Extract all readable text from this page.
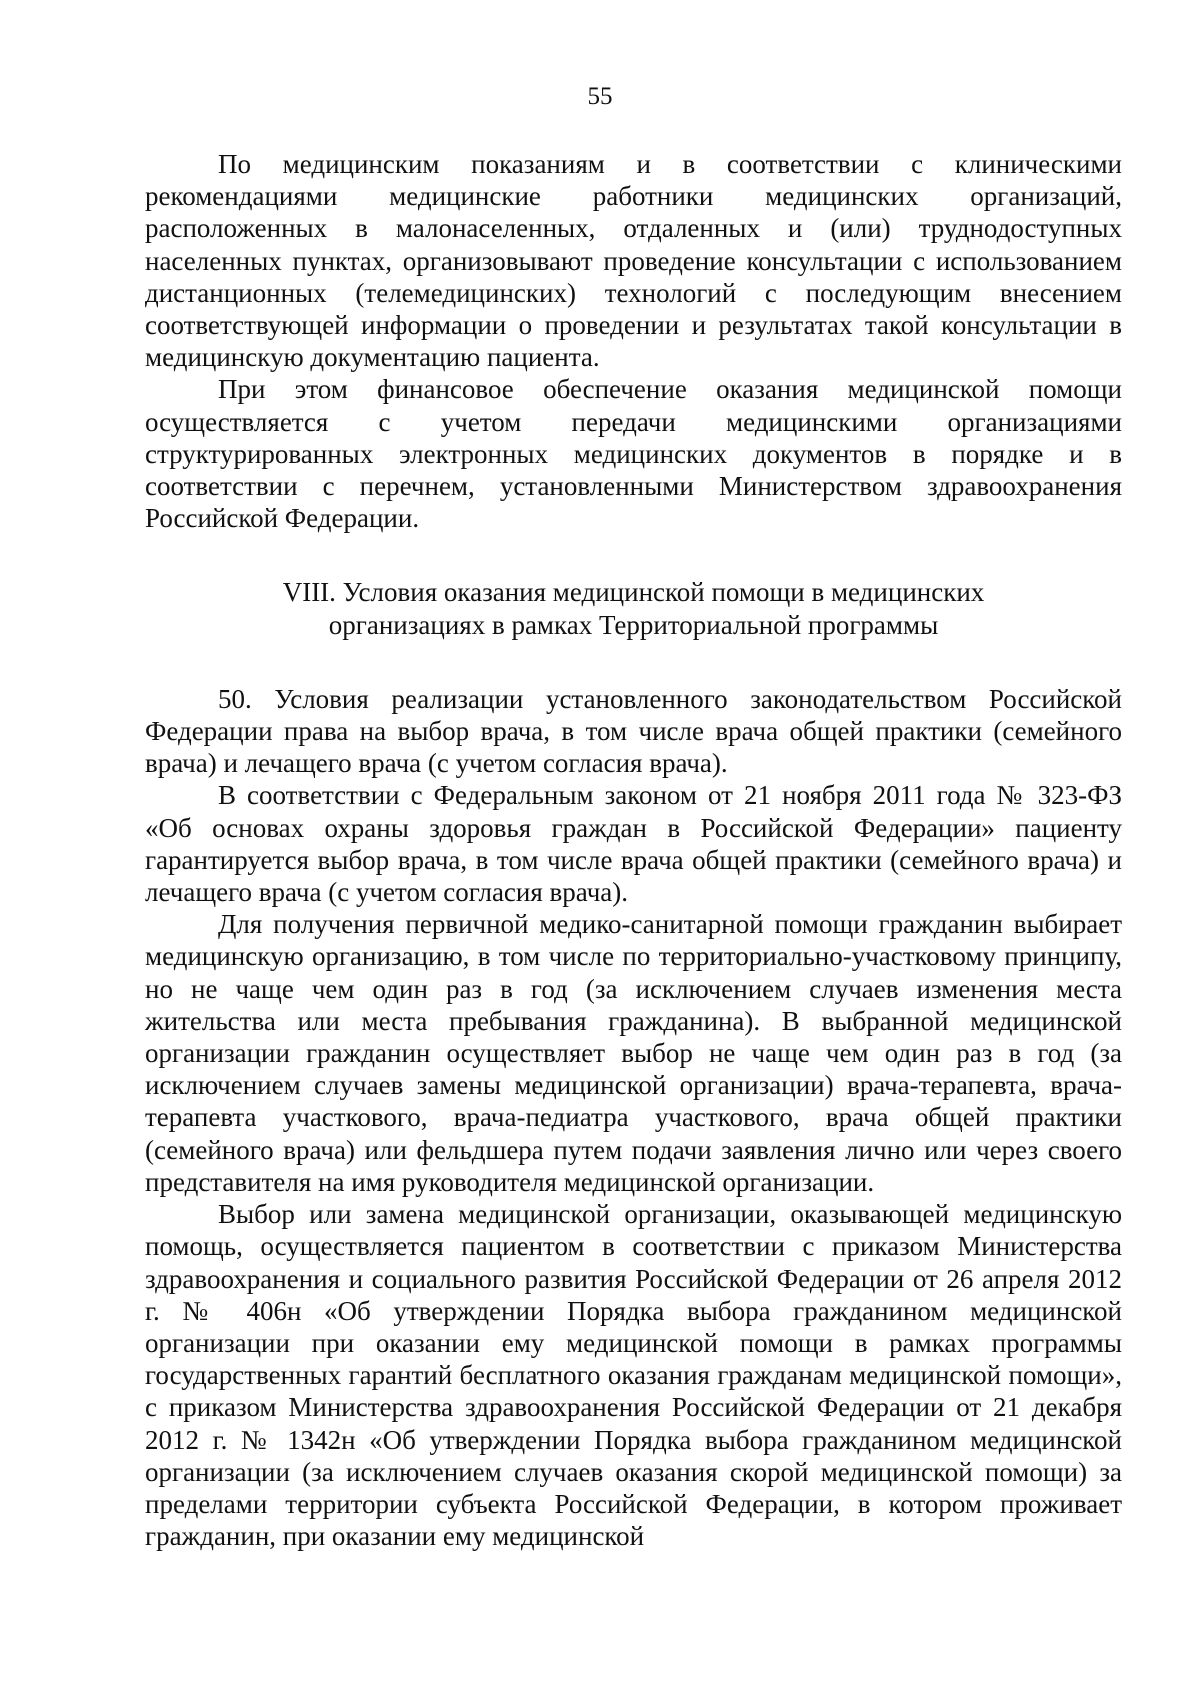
55

По медицинским показаниям и в соответствии с клиническими рекомендациями медицинские работники медицинских организаций, расположенных в малонаселенных, отдаленных и (или) труднодоступных населенных пунктах, организовывают проведение консультации с использованием дистанционных (телемедицинских) технологий с последующим внесением соответствующей информации о проведении и результатах такой консультации в медицинскую документацию пациента.

При этом финансовое обеспечение оказания медицинской помощи осуществляется с учетом передачи медицинскими организациями структурированных электронных медицинских документов в порядке и в соответствии с перечнем, установленными Министерством здравоохранения Российской Федерации.

VIII. Условия оказания медицинской помощи в медицинских

организациях в рамках Территориальной программы

50. Условия реализации установленного законодательством Российской Федерации права на выбор врача, в том числе врача общей практики (семейного врача) и лечащего врача (с учетом согласия врача).

В соответствии с Федеральным законом от 21 ноября 2011 года № 323-ФЗ «Об основах охраны здоровья граждан в Российской Федерации» пациенту гарантируется выбор врача, в том числе врача общей практики (семейного врача) и лечащего врача (с учетом согласия врача).

Для получения первичной медико-санитарной помощи гражданин выбирает медицинскую организацию, в том числе по территориально-участковому принципу, но не чаще чем один раз в год (за исключением случаев изменения места жительства или места пребывания гражданина). В выбранной медицинской организации гражданин осуществляет выбор не чаще чем один раз в год (за исключением случаев замены медицинской организации) врача-терапевта, врача-терапевта участкового, врача-педиатра участкового, врача общей практики (семейного врача) или фельдшера путем подачи заявления лично или через своего представителя на имя руководителя медицинской организации.

Выбор или замена медицинской организации, оказывающей медицинскую помощь, осуществляется пациентом в соответствии с приказом Министерства здравоохранения и социального развития Российской Федерации от 26 апреля 2012 г. № 406н «Об утверждении Порядка выбора гражданином медицинской организации при оказании ему медицинской помощи в рамках программы государственных гарантий бесплатного оказания гражданам медицинской помощи», с приказом Министерства здравоохранения Российской Федерации от 21 декабря 2012 г. № 1342н «Об утверждении Порядка выбора гражданином медицинской организации (за исключением случаев оказания скорой медицинской помощи) за пределами территории субъекта Российской Федерации, в котором проживает гражданин, при оказании ему медицинской
